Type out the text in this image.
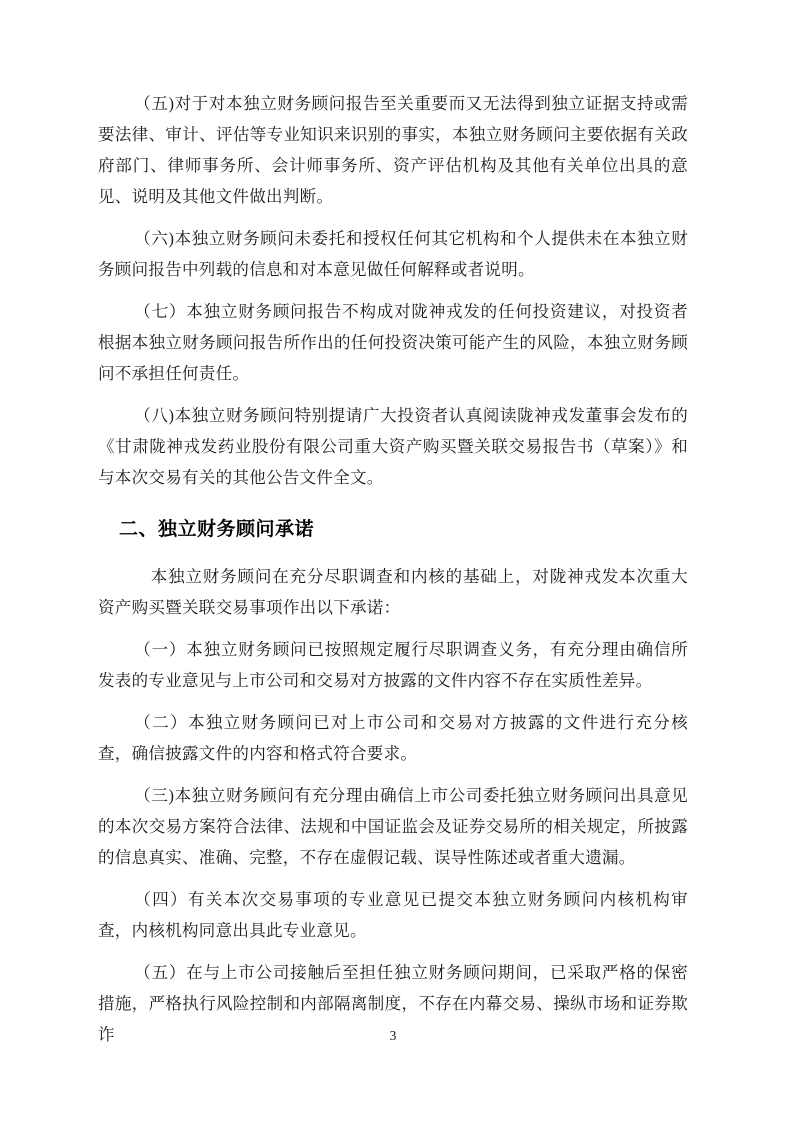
（五)对于对本独立财务顾问报告至关重要而又无法得到独立证据支持或需要法律、审计、评估等专业知识来识别的事实，本独立财务顾问主要依据有关政府部门、律师事务所、会计师事务所、资产评估机构及其他有关单位出具的意见、说明及其他文件做出判断。

（六)本独立财务顾问未委托和授权任何其它机构和个人提供未在本独立财务顾问报告中列载的信息和对本意见做任何解释或者说明。

（七）本独立财务顾问报告不构成对陇神戎发的任何投资建议，对投资者根据本独立财务顾问报告所作出的任何投资决策可能产生的风险，本独立财务顾问不承担任何责任。

（八)本独立财务顾问特别提请广大投资者认真阅读陇神戎发董事会发布的《甘肃陇神戎发药业股份有限公司重大资产购买暨关联交易报告书（草案）》和与本次交易有关的其他公告文件全文。

二、独立财务顾问承诺

本独立财务顾问在充分尽职调查和内核的基础上，对陇神戎发本次重大资产购买暨关联交易事项作出以下承诺：

（一）本独立财务顾问已按照规定履行尽职调查义务，有充分理由确信所发表的专业意见与上市公司和交易对方披露的文件内容不存在实质性差异。

（二）本独立财务顾问已对上市公司和交易对方披露的文件进行充分核查，确信披露文件的内容和格式符合要求。

（三)本独立财务顾问有充分理由确信上市公司委托独立财务顾问出具意见的本次交易方案符合法律、法规和中国证监会及证券交易所的相关规定，所披露的信息真实、准确、完整，不存在虚假记载、误导性陈述或者重大遗漏。

（四）有关本次交易事项的专业意见已提交本独立财务顾问内核机构审查，内核机构同意出具此专业意见。

（五）在与上市公司接触后至担任独立财务顾问期间，已采取严格的保密措施，严格执行风险控制和内部隔离制度，不存在内幕交易、操纵市场和证券欺诈	3
